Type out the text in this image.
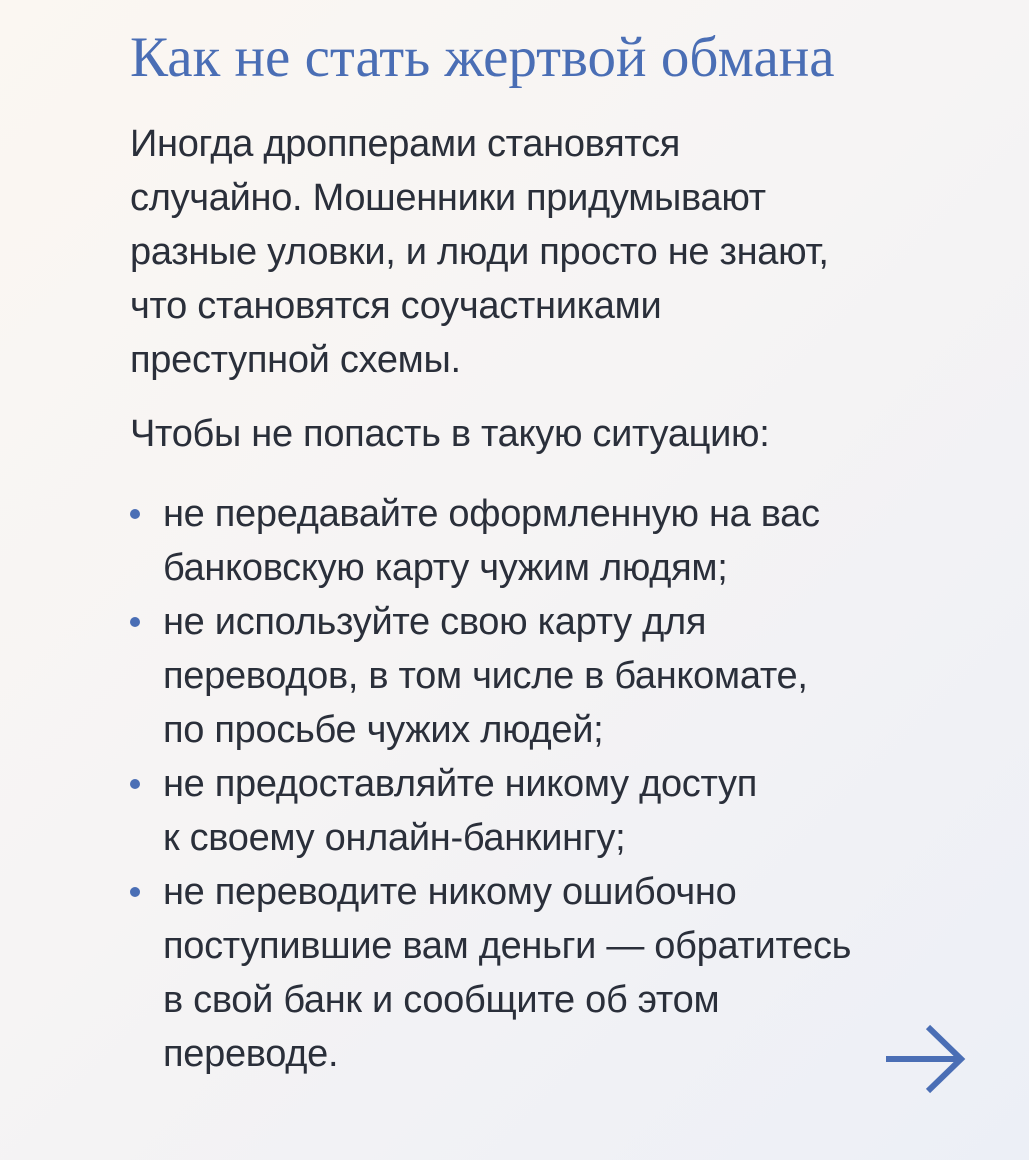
Как не стать жертвой обмана

Иногда дропперами становятся
случайно. Мошенники придумывают
разные уловки, и люди просто не знают,
что становятся соучастниками
преступной схемы.

Чтобы не попасть в такую ситуацию:

не передавайте оформленную на вас
банковскую карту чужим людям;
не используйте свою карту для
переводов, в том числе в банкомате,
по просьбе чужих людей;
не предоставляйте никому доступ
к своему онлайн-банкингу;
не переводите никому ошибочно
поступившие вам деньги — обратитесь
в свой банк и сообщите об этом
переводе.
